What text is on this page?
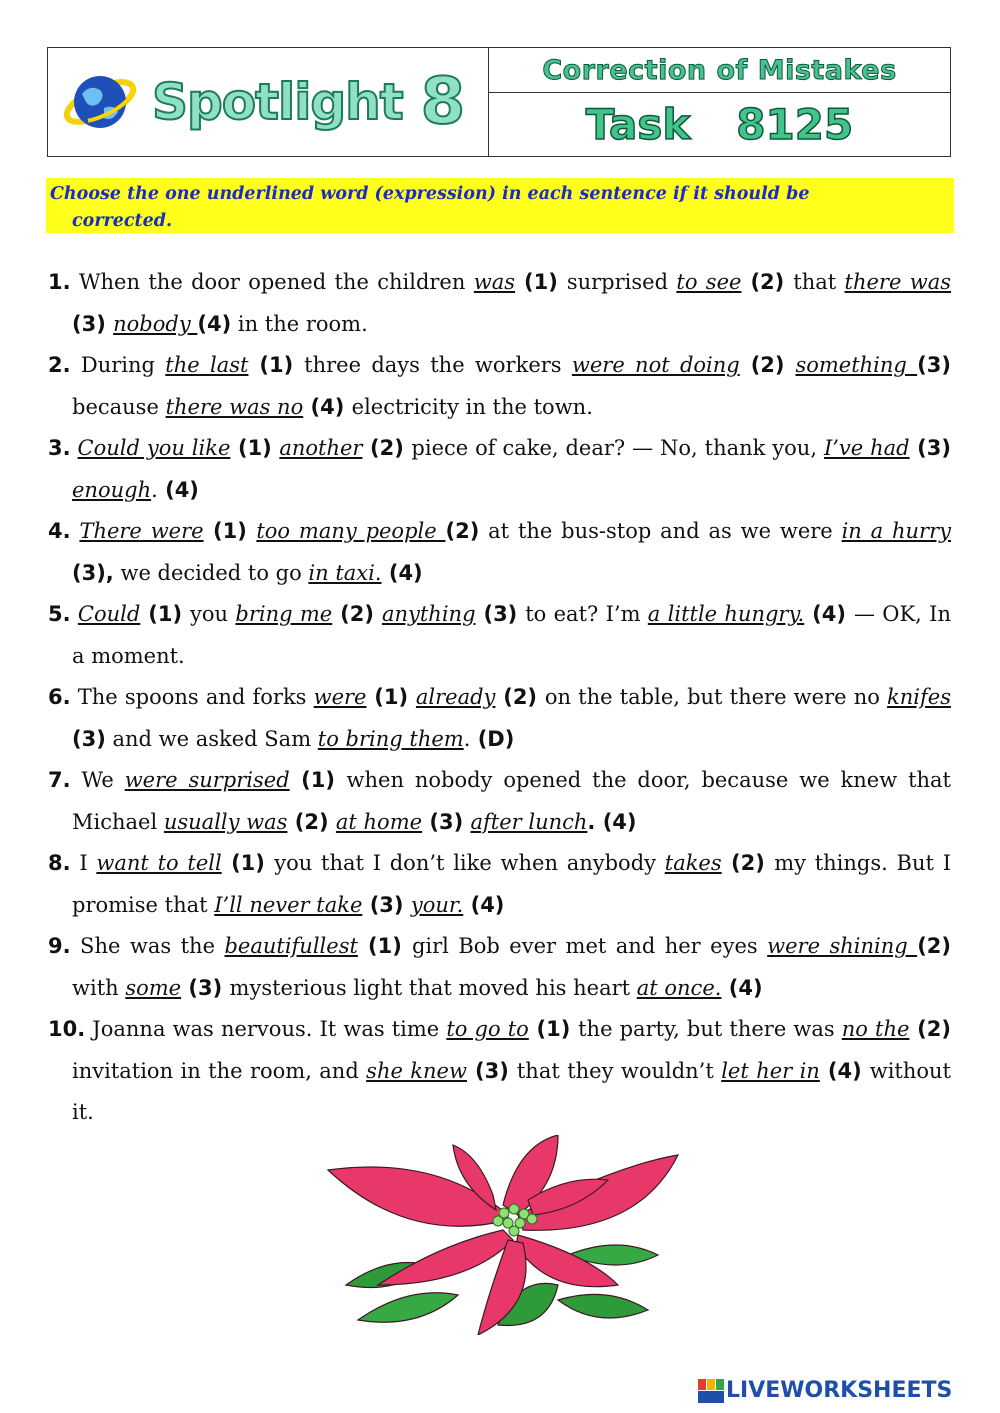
Spotlight 8	Correction of Mistakes
Task 8125
Choose the one underlined word (expression) in each sentence if it should be
corrected.
1. When the door opened the children was (1) surprised to see (2) that there was (3) nobody (4) in the room.
2. During the last (1) three days the workers were not doing (2) something (3) because there was no (4) electricity in the town.
3. Could you like (1) another (2) piece of cake, dear? — No, thank you, I’ve had (3) enough. (4)
4. There were (1) too many people (2) at the bus-stop and as we were in a hurry (3), we decided to go in taxi. (4)
5. Could (1) you bring me (2) anything (3) to eat? I’m a little hungry. (4) — OK, In a moment.
6. The spoons and forks were (1) already (2) on the table, but there were no knifes (3) and we asked Sam to bring them. (D)
7. We were surprised (1) when nobody opened the door, because we knew that Michael usually was (2) at home (3) after lunch. (4)
8. I want to tell (1) you that I don’t like when anybody takes (2) my things. But I promise that I’ll never take (3) your. (4)
9. She was the beautifullest (1) girl Bob ever met and her eyes were shining (2) with some (3) mysterious light that moved his heart at once. (4)
10. Joanna was nervous. It was time to go to (1) the party, but there was no the (2) invitation in the room, and she knew (3) that they wouldn’t let her in (4) without it.
LIVEWORKSHEETS
